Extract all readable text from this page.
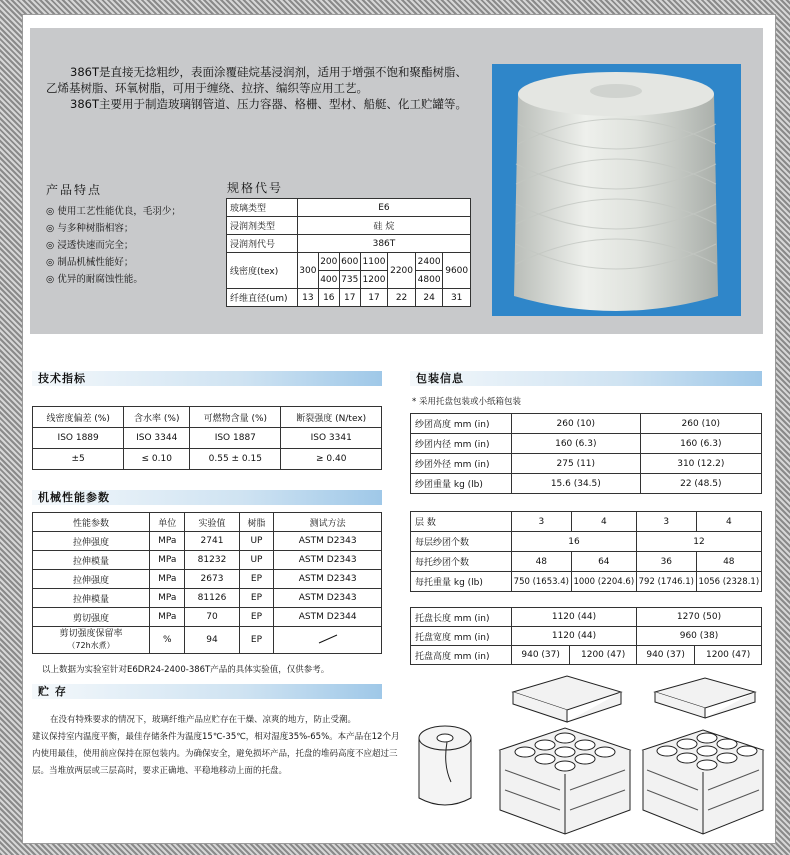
386T是直接无捻粗纱，表面涂覆硅烷基浸润剂，适用于增强不饱和聚酯树脂、乙烯基树脂、环氧树脂，可用于缠绕、拉挤、编织等应用工艺。

386T主要用于制造玻璃钢管道、压力容器、格栅、型材、船艇、化工贮罐等。

产品特点
◎ 使用工艺性能优良，毛羽少；
◎ 与多种树脂相容；
◎ 浸透快速而完全；
◎ 制品机械性能好；
◎ 优异的耐腐蚀性能。
规格代号
玻璃类型	E6						
浸润剂类型	硅 烷						
浸润剂代号	386T						
线密度(tex)	300	200	600	1100	2200	2400	9600
		400	735	1200		4800	
纤维直径(um)	13	16	17	17	22	24	31
技术指标
线密度偏差 (%)	含水率 (%)	可燃物含量 (%)	断裂强度 (N/tex)
ISO 1889	ISO 3344	ISO 1887	ISO 3341
±5	≤ 0.10	0.55 ± 0.15	≥ 0.40
机械性能参数
性能参数	单位	实验值	树脂	测试方法
拉伸强度	MPa	2741	UP	ASTM D2343
拉伸模量	MPa	81232	UP	ASTM D2343
拉伸强度	MPa	2673	EP	ASTM D2343
拉伸模量	MPa	81126	EP	ASTM D2343
剪切强度	MPa	70	EP	ASTM D2344
剪切强度保留率
（72h水煮）	%	94	EP	
以上数据为实验室针对E6DR24-2400-386T产品的具体实验值，仅供参考。
贮 存

在没有特殊要求的情况下，玻璃纤维产品应贮存在干燥、凉爽的地方，防止受潮。

建议保持室内温度平衡，最佳存储条件为温度15℃-35℃，相对湿度35%-65%。本产品在12个月内使用最佳，使用前应保持在原包装内。为确保安全，避免损坏产品，托盘的堆码高度不应超过三层。当堆放两层或三层高时，要求正确地、平稳地移动上面的托盘。

包装信息
* 采用托盘包装或小纸箱包装
纱团高度 mm (in)	260 (10)	260 (10)
纱团内径 mm (in)	160 (6.3)	160 (6.3)
纱团外径 mm (in)	275 (11)	310 (12.2)
纱团重量 kg (lb)	15.6 (34.5)	22 (48.5)
层 数	3	4	3	4
每层纱团个数	16		12	
每托纱团个数	48	64	36	48
每托重量 kg (lb)	750 (1653.4)	1000 (2204.6)	792 (1746.1)	1056 (2328.1)
托盘长度 mm (in)	1120 (44)		1270 (50)	
托盘宽度 mm (in)	1120 (44)		960 (38)	
托盘高度 mm (in)	940 (37)	1200 (47)	940 (37)	1200 (47)
